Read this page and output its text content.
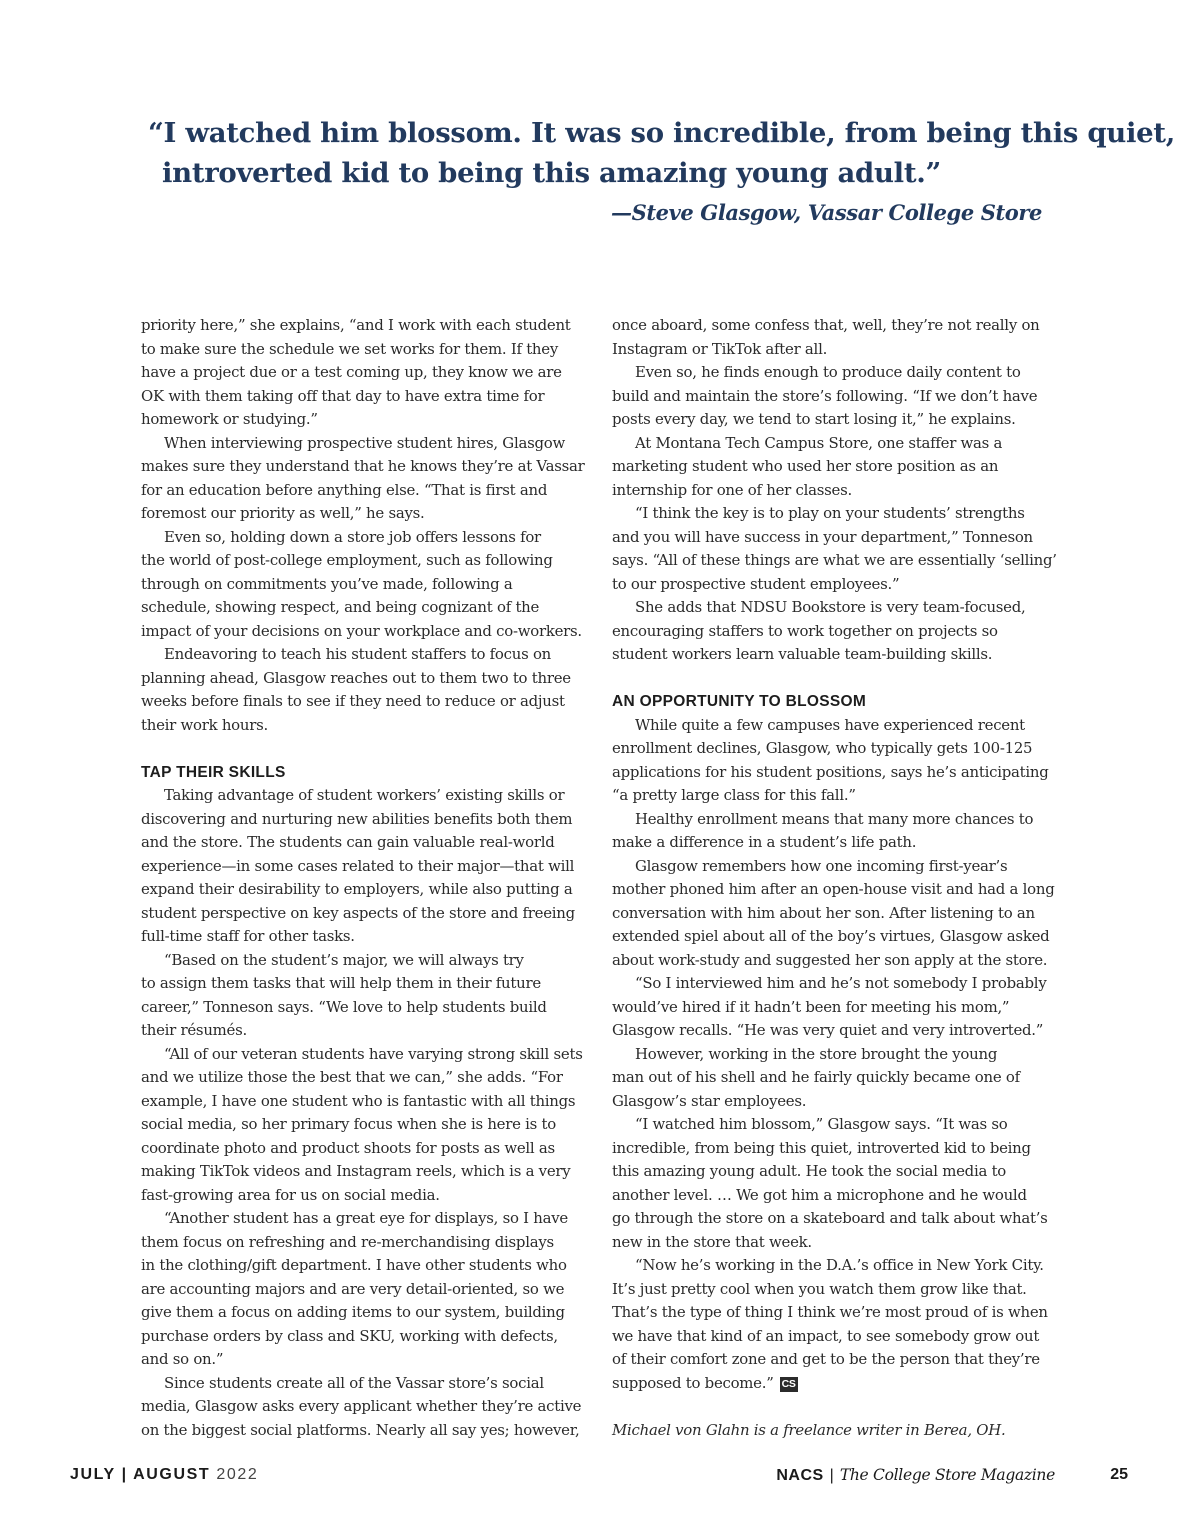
“I watched him blossom. It was so incredible, from being this quiet,
introverted kid to being this amazing young adult.”
—Steve Glasgow, Vassar College Store
priority here,” she explains, “and I work with each student
to make sure the schedule we set works for them. If they
have a project due or a test coming up, they know we are
OK with them taking off that day to have extra time for
homework or studying.”
When interviewing prospective student hires, Glasgow
makes sure they understand that he knows they’re at Vassar
for an education before anything else. “That is first and
foremost our priority as well,” he says.
Even so, holding down a store job offers lessons for
the world of post-college employment, such as following
through on commitments you’ve made, following a
schedule, showing respect, and being cognizant of the
impact of your decisions on your workplace and co-workers.
Endeavoring to teach his student staffers to focus on
planning ahead, Glasgow reaches out to them two to three
weeks before finals to see if they need to reduce or adjust
their work hours.
TAP THEIR SKILLS
Taking advantage of student workers’ existing skills or
discovering and nurturing new abilities benefits both them
and the store. The students can gain valuable real-world
experience—in some cases related to their major—that will
expand their desirability to employers, while also putting a
student perspective on key aspects of the store and freeing
full-time staff for other tasks.
“Based on the student’s major, we will always try
to assign them tasks that will help them in their future
career,” Tonneson says. “We love to help students build
their résumés.
“All of our veteran students have varying strong skill sets
and we utilize those the best that we can,” she adds. “For
example, I have one student who is fantastic with all things
social media, so her primary focus when she is here is to
coordinate photo and product shoots for posts as well as
making TikTok videos and Instagram reels, which is a very
fast-growing area for us on social media.
“Another student has a great eye for displays, so I have
them focus on refreshing and re-merchandising displays
in the clothing/gift department. I have other students who
are accounting majors and are very detail-oriented, so we
give them a focus on adding items to our system, building
purchase orders by class and SKU, working with defects,
and so on.”
Since students create all of the Vassar store’s social
media, Glasgow asks every applicant whether they’re active
on the biggest social platforms. Nearly all say yes; however,
once aboard, some confess that, well, they’re not really on
Instagram or TikTok after all.
Even so, he finds enough to produce daily content to
build and maintain the store’s following. “If we don’t have
posts every day, we tend to start losing it,” he explains.
At Montana Tech Campus Store, one staffer was a
marketing student who used her store position as an
internship for one of her classes.
“I think the key is to play on your students’ strengths
and you will have success in your department,” Tonneson
says. “All of these things are what we are essentially ‘selling’
to our prospective student employees.”
She adds that NDSU Bookstore is very team-focused,
encouraging staffers to work together on projects so
student workers learn valuable team-building skills.
AN OPPORTUNITY TO BLOSSOM
While quite a few campuses have experienced recent
enrollment declines, Glasgow, who typically gets 100-125
applications for his student positions, says he’s anticipating
“a pretty large class for this fall.”
Healthy enrollment means that many more chances to
make a difference in a student’s life path.
Glasgow remembers how one incoming first-year’s
mother phoned him after an open-house visit and had a long
conversation with him about her son. After listening to an
extended spiel about all of the boy’s virtues, Glasgow asked
about work-study and suggested her son apply at the store.
“So I interviewed him and he’s not somebody I probably
would’ve hired if it hadn’t been for meeting his mom,”
Glasgow recalls. “He was very quiet and very introverted.”
However, working in the store brought the young
man out of his shell and he fairly quickly became one of
Glasgow’s star employees.
“I watched him blossom,” Glasgow says. “It was so
incredible, from being this quiet, introverted kid to being
this amazing young adult. He took the social media to
another level. … We got him a microphone and he would
go through the store on a skateboard and talk about what’s
new in the store that week.
“Now he’s working in the D.A.’s office in New York City.
It’s just pretty cool when you watch them grow like that.
That’s the type of thing I think we’re most proud of is when
we have that kind of an impact, to see somebody grow out
of their comfort zone and get to be the person that they’re
supposed to become.” CS
Michael von Glahn is a freelance writer in Berea, OH.
JULY | AUGUST 2022	NACS | The College Store Magazine	25
